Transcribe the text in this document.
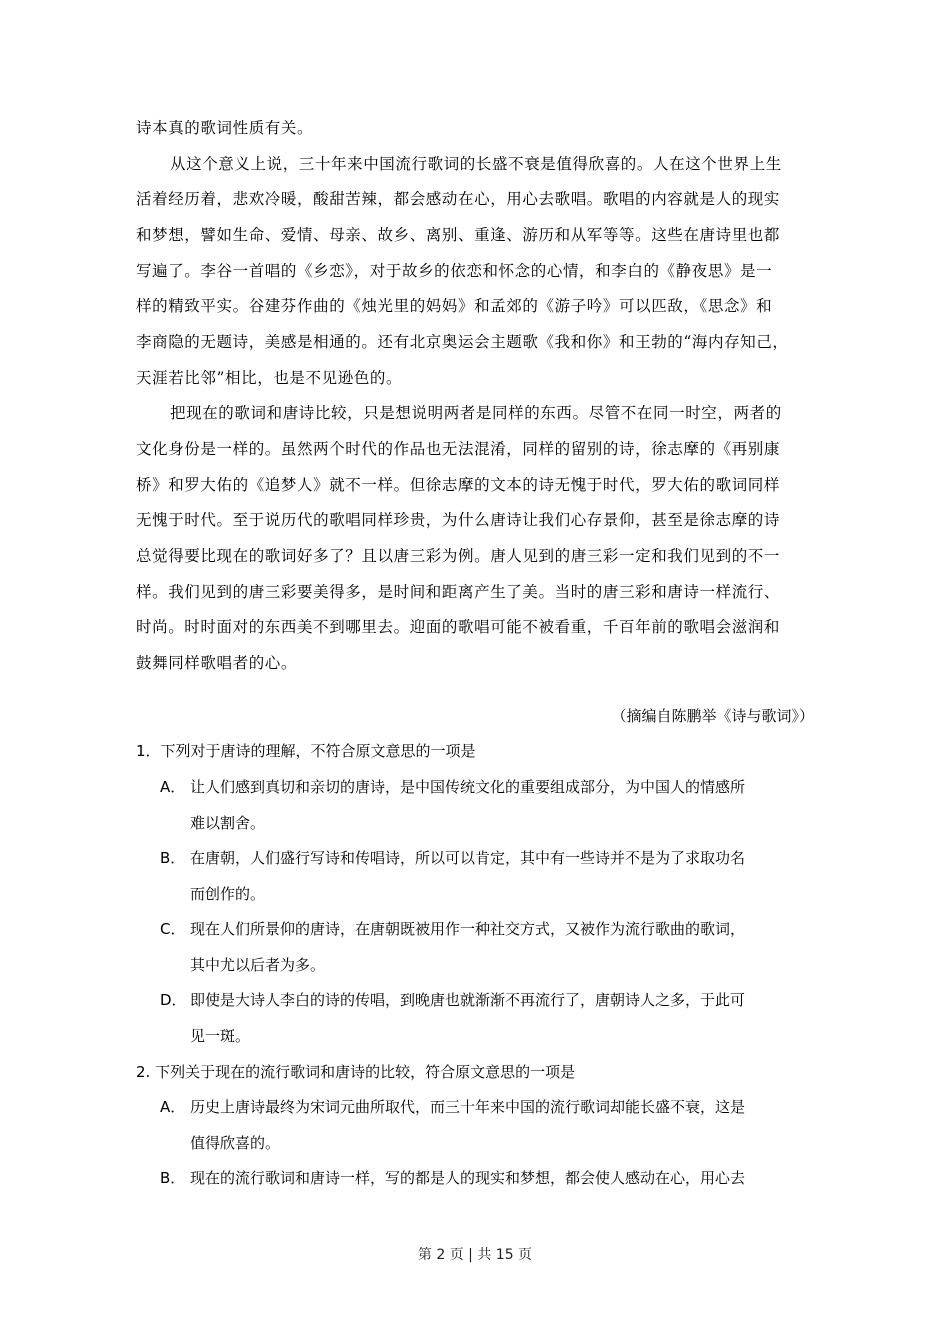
诗本真的歌词性质有关。
从这个意义上说，三十年来中国流行歌词的长盛不衰是值得欣喜的。人在这个世界上生
活着经历着，悲欢冷暖，酸甜苦辣，都会感动在心，用心去歌唱。歌唱的内容就是人的现实
和梦想，譬如生命、爱情、母亲、故乡、离别、重逢、游历和从军等等。这些在唐诗里也都
写遍了。李谷一首唱的《乡恋》，对于故乡的依恋和怀念的心情，和李白的《静夜思》是一
样的精致平实。谷建芬作曲的《烛光里的妈妈》和孟郊的《游子吟》可以匹敌，《思念》和
李商隐的无题诗，美感是相通的。还有北京奥运会主题歌《我和你》和王勃的“海内存知己，
天涯若比邻”相比，也是不见逊色的。
把现在的歌词和唐诗比较，只是想说明两者是同样的东西。尽管不在同一时空，两者的
文化身份是一样的。虽然两个时代的作品也无法混淆，同样的留别的诗，徐志摩的《再别康
桥》和罗大佑的《追梦人》就不一样。但徐志摩的文本的诗无愧于时代，罗大佑的歌词同样
无愧于时代。至于说历代的歌唱同样珍贵，为什么唐诗让我们心存景仰，甚至是徐志摩的诗
总觉得要比现在的歌词好多了？且以唐三彩为例。唐人见到的唐三彩一定和我们见到的不一
样。我们见到的唐三彩要美得多，是时间和距离产生了美。当时的唐三彩和唐诗一样流行、
时尚。时时面对的东西美不到哪里去。迎面的歌唱可能不被看重，千百年前的歌唱会滋润和
鼓舞同样歌唱者的心。
（摘编自陈鹏举《诗与歌词》）
1．下列对于唐诗的理解，不符合原文意思的一项是
A． 让人们感到真切和亲切的唐诗，是中国传统文化的重要组成部分，为中国人的情感所
难以割舍。
B． 在唐朝，人们盛行写诗和传唱诗，所以可以肯定，其中有一些诗并不是为了求取功名
而创作的。
C． 现在人们所景仰的唐诗，在唐朝既被用作一种社交方式，又被作为流行歌曲的歌词，
其中尤以后者为多。
D． 即使是大诗人李白的诗的传唱，到晚唐也就渐渐不再流行了，唐朝诗人之多，于此可
见一斑。
2. 下列关于现在的流行歌词和唐诗的比较，符合原文意思的一项是
A． 历史上唐诗最终为宋词元曲所取代，而三十年来中国的流行歌词却能长盛不衰，这是
值得欣喜的。
B． 现在的流行歌词和唐诗一样，写的都是人的现实和梦想，都会使人感动在心，用心去
第 2 页 | 共 15 页
